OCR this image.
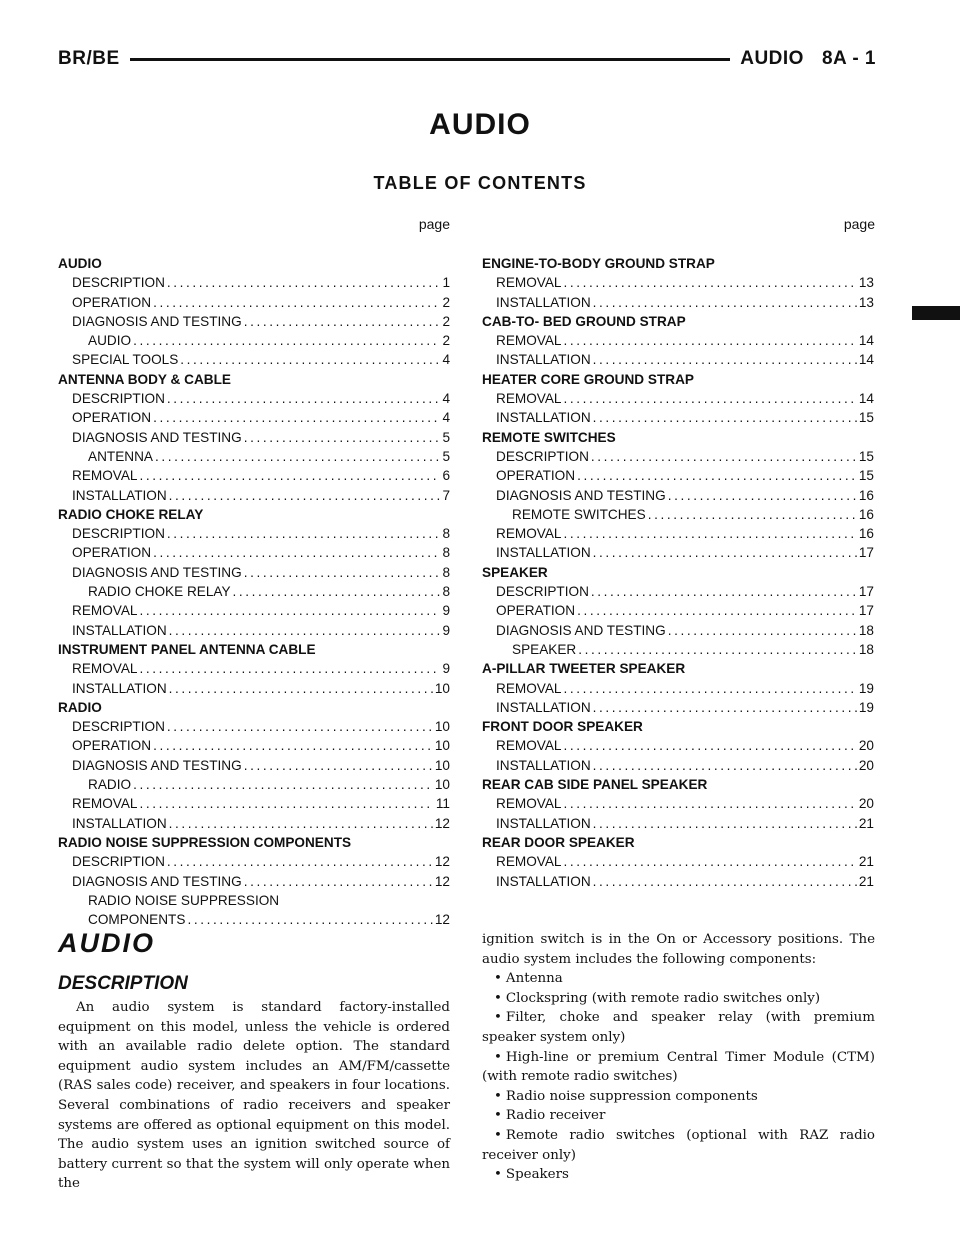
BR/BE	AUDIO 8A - 1
AUDIO
TABLE OF CONTENTS
page	page
AUDIO
DESCRIPTION .....	1
OPERATION .....	2
DIAGNOSIS AND TESTING .....	2
AUDIO .....	2
SPECIAL TOOLS .....	4
ANTENNA BODY & CABLE
DESCRIPTION .....	4
OPERATION .....	4
DIAGNOSIS AND TESTING .....	5
ANTENNA .....	5
REMOVAL .....	6
INSTALLATION .....	7
RADIO CHOKE RELAY
DESCRIPTION .....	8
OPERATION .....	8
DIAGNOSIS AND TESTING .....	8
RADIO CHOKE RELAY .....	8
REMOVAL .....	9
INSTALLATION .....	9
INSTRUMENT PANEL ANTENNA CABLE
REMOVAL .....	9
INSTALLATION .....	10
RADIO
DESCRIPTION .....	10
OPERATION .....	10
DIAGNOSIS AND TESTING .....	10
RADIO .....	10
REMOVAL .....	11
INSTALLATION .....	12
RADIO NOISE SUPPRESSION COMPONENTS
DESCRIPTION .....	12
DIAGNOSIS AND TESTING .....	12
RADIO NOISE SUPPRESSION
COMPONENTS .....	12
ENGINE-TO-BODY GROUND STRAP
REMOVAL .....	13
INSTALLATION .....	13
CAB-TO- BED GROUND STRAP
REMOVAL .....	14
INSTALLATION .....	14
HEATER CORE GROUND STRAP
REMOVAL .....	14
INSTALLATION .....	15
REMOTE SWITCHES
DESCRIPTION .....	15
OPERATION .....	15
DIAGNOSIS AND TESTING .....	16
REMOTE SWITCHES .....	16
REMOVAL .....	16
INSTALLATION .....	17
SPEAKER
DESCRIPTION .....	17
OPERATION .....	17
DIAGNOSIS AND TESTING .....	18
SPEAKER .....	18
A-PILLAR TWEETER SPEAKER
REMOVAL .....	19
INSTALLATION .....	19
FRONT DOOR SPEAKER
REMOVAL .....	20
INSTALLATION .....	20
REAR CAB SIDE PANEL SPEAKER
REMOVAL .....	20
INSTALLATION .....	21
REAR DOOR SPEAKER
REMOVAL .....	21
INSTALLATION .....	21
AUDIO
DESCRIPTION

An audio system is standard factory-installed equipment on this model, unless the vehicle is ordered with an available radio delete option. The standard equipment audio system includes an AM/FM/cassette (RAS sales code) receiver, and speakers in four locations. Several combinations of radio receivers and speaker systems are offered as optional equipment on this model. The audio system uses an ignition switched source of battery current so that the system will only operate when the

ignition switch is in the On or Accessory positions. The audio system includes the following components:

• Antenna
• Clockspring (with remote radio switches only)
• Filter, choke and speaker relay (with premium speaker system only)
• High-line or premium Central Timer Module (CTM) (with remote radio switches)
• Radio noise suppression components
• Radio receiver
• Remote radio switches (optional with RAZ radio receiver only)
• Speakers
